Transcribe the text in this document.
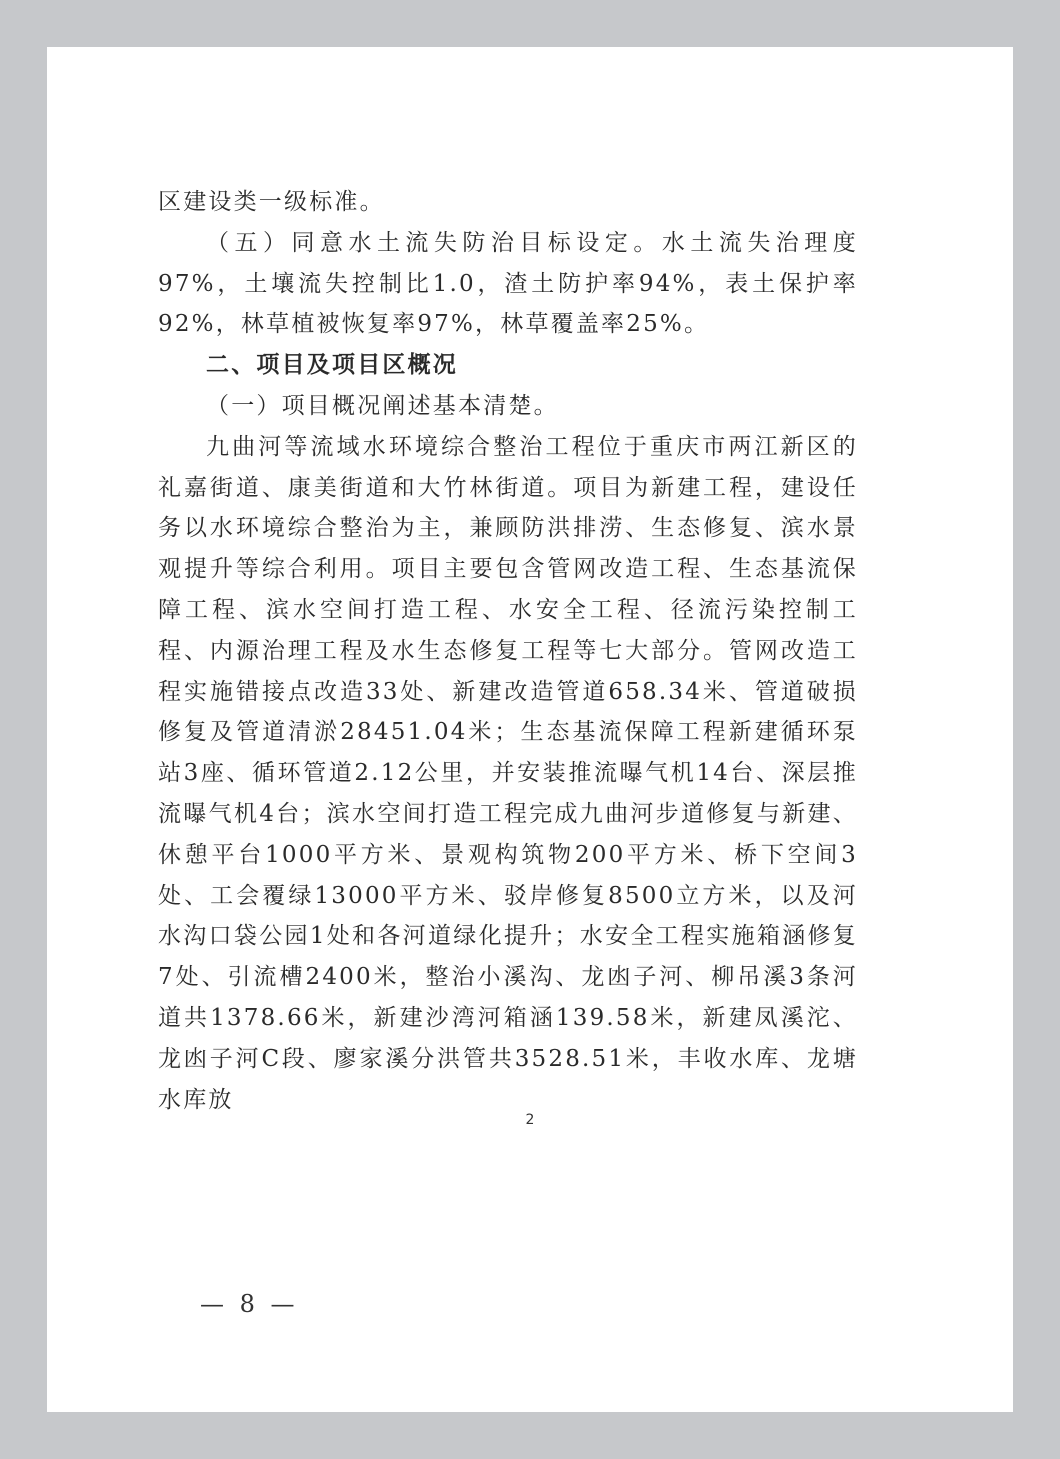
区建设类一级标准。

（五）同意水土流失防治目标设定。水土流失治理度97%，土壤流失控制比1.0，渣土防护率94%，表土保护率92%，林草植被恢复率97%，林草覆盖率25%。

二、项目及项目区概况

（一）项目概况阐述基本清楚。

九曲河等流域水环境综合整治工程位于重庆市两江新区的礼嘉街道、康美街道和大竹林街道。项目为新建工程，建设任务以水环境综合整治为主，兼顾防洪排涝、生态修复、滨水景观提升等综合利用。项目主要包含管网改造工程、生态基流保障工程、滨水空间打造工程、水安全工程、径流污染控制工程、内源治理工程及水生态修复工程等七大部分。管网改造工程实施错接点改造33处、新建改造管道658.34米、管道破损修复及管道清淤28451.04米；生态基流保障工程新建循环泵站3座、循环管道2.12公里，并安装推流曝气机14台、深层推流曝气机4台；滨水空间打造工程完成九曲河步道修复与新建、休憩平台1000平方米、景观构筑物200平方米、桥下空间3处、工会覆绿13000平方米、驳岸修复8500立方米，以及河水沟口袋公园1处和各河道绿化提升；水安全工程实施箱涵修复7处、引流槽2400米，整治小溪沟、龙凼子河、柳吊溪3条河道共1378.66米，新建沙湾河箱涵139.58米，新建凤溪沱、龙凼子河C段、廖家溪分洪管共3528.51米，丰收水库、龙塘水库放

2
— 8 —
